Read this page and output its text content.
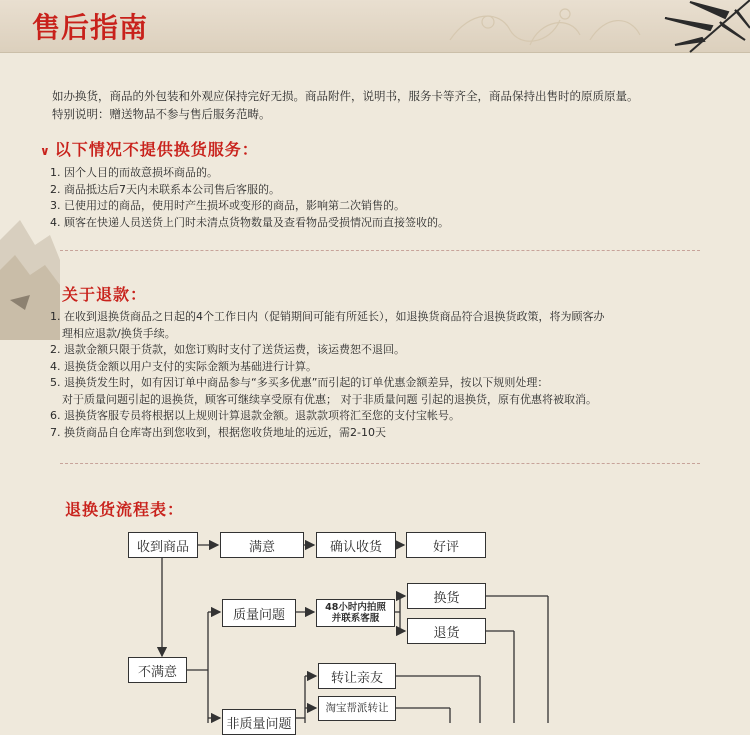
售后指南
如办换货，商品的外包装和外观应保持完好无损。商品附件，说明书，服务卡等齐全，商品保持出售时的原质原量。
特别说明：赠送物品不参与售后服务范畴。
∨ 以下情况不提供换货服务：
1. 因个人目的而故意损坏商品的。
2. 商品抵达后7天内未联系本公司售后客服的。
3. 已使用过的商品，使用时产生损坏或变形的商品，影响第二次销售的。
4. 顾客在快递人员送货上门时未清点货物数量及查看物品受损情况而直接签收的。
关于退款：
1. 在收到退换货商品之日起的4个工作日内（促销期间可能有所延长），如退换货商品符合退换货政策，将为顾客办
理相应退款/换货手续。
2. 退款金额只限于货款，如您订购时支付了送货运费，该运费恕不退回。
4. 退换货金额以用户支付的实际金额为基础进行计算。
5. 退换货发生时，如有因订单中商品参与“多买多优惠”而引起的订单优惠金额差异，按以下规则处理：
对于质量问题引起的退换货，顾客可继续享受原有优惠； 对于非质量问题 引起的退换货，原有优惠将被取消。
6. 退换货客服专员将根据以上规则计算退款金额。退款款项将汇至您的支付宝帐号。
7. 换货商品自仓库寄出到您收到，根据您收货地址的远近，需2-10天
退换货流程表：
收到商品	满意	确认收货	好评
质量问题	48小时内拍照
并联系客服
换货
退货
不满意	转让亲友
淘宝帮派转让
非质量问题
